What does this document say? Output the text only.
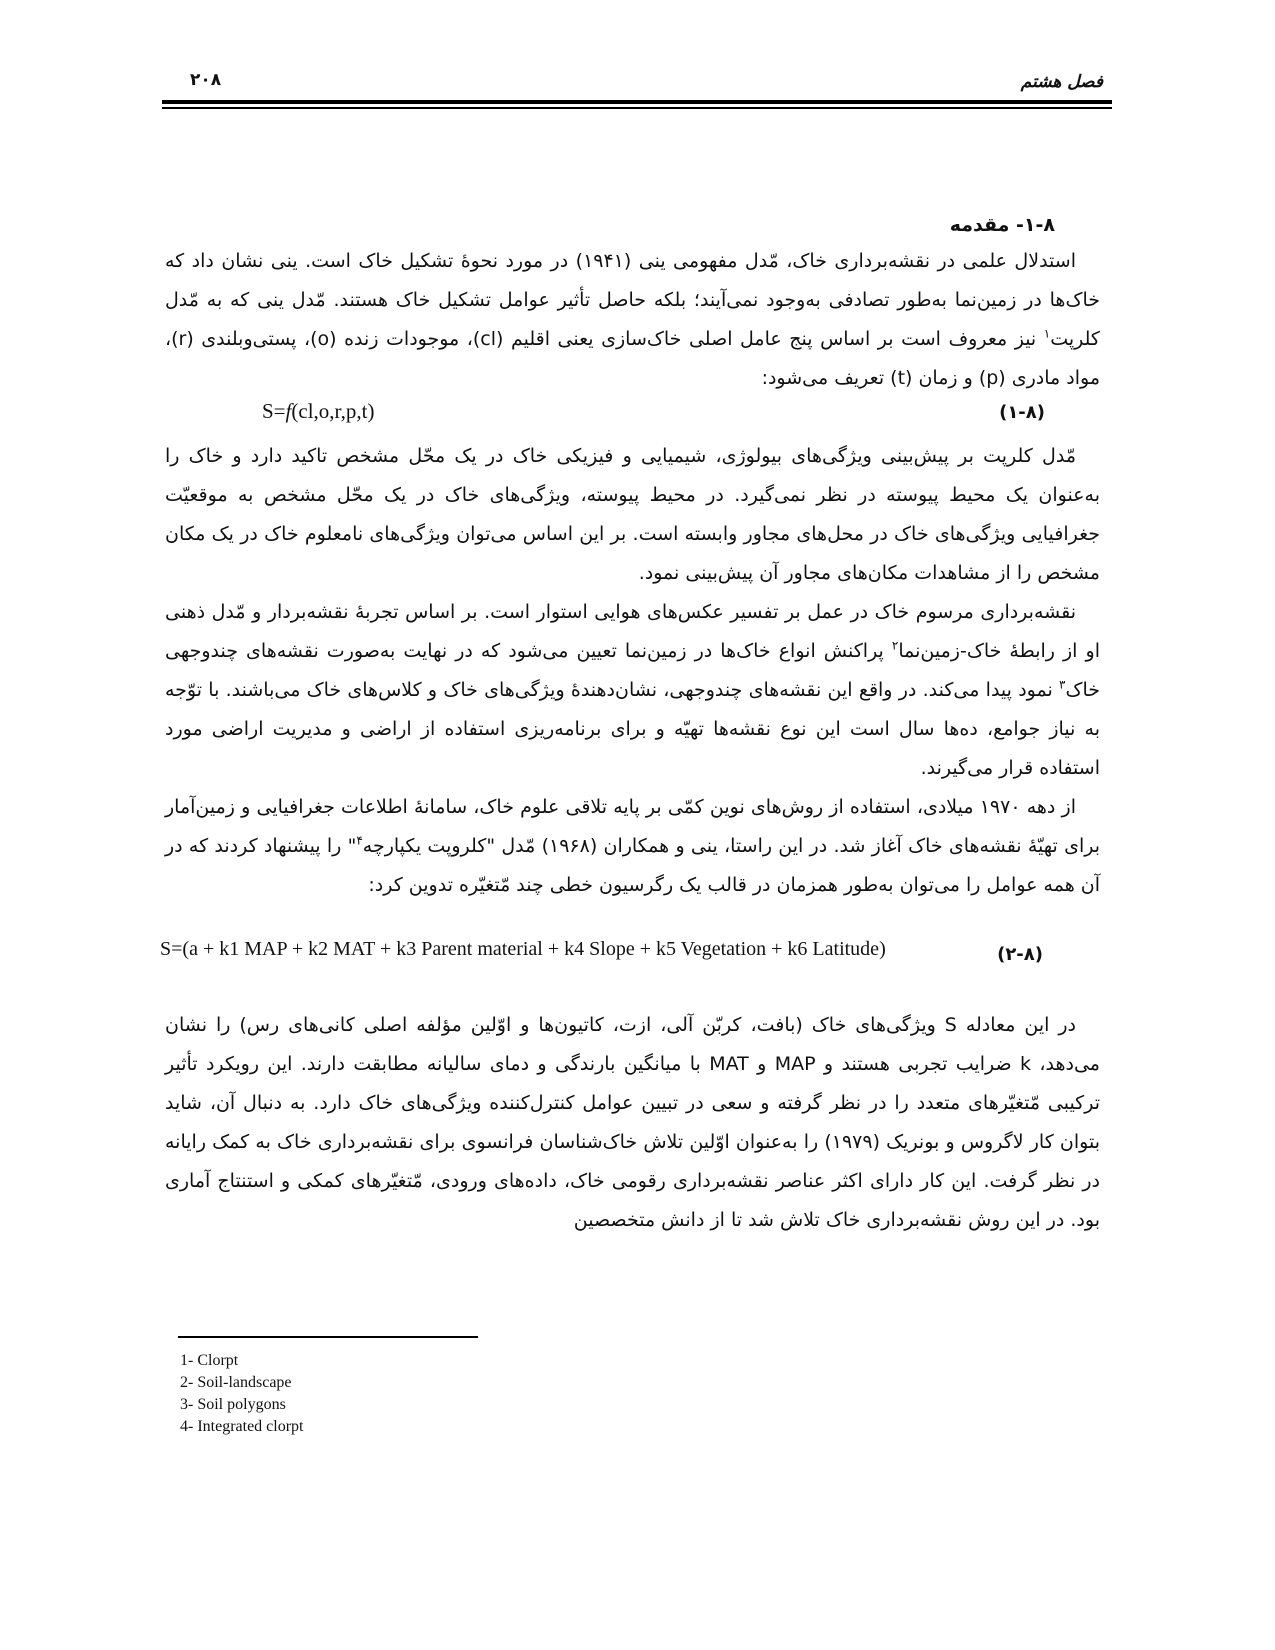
فصل هشتم
۲۰۸
۱-۸- مقدمه

استدلال علمی در نقشه‌برداری خاک، مّدل مفهومی ینی (۱۹۴۱) در مورد نحوۀ تشکیل خاک است. ینی نشان داد که خاک‌ها در زمین‌نما به‌طور تصادفی به‌وجود نمی‌آیند؛ بلکه حاصل تأثیر عوامل تشکیل خاک هستند. مّدل ینی که به مّدل کلرپت$^۱$ نیز معروف است بر اساس پنج عامل اصلی خاک‌سازی یعنی اقلیم (cl)، موجودات زنده (o)، پستی‌وبلندی (r)، مواد مادری (p) و زمان (t) تعریف می‌شود:

S=f(cl,o,r,p,t)	(۱-۸)

مّدل کلرپت بر پیش‌بینی ویژگی‌های بیولوژی، شیمیایی و فیزیکی خاک در یک محّل مشخص تاکید دارد و خاک را به‌عنوان یک محیط پیوسته در نظر نمی‌گیرد. در محیط پیوسته، ویژگی‌های خاک در یک محّل مشخص به موقعیّت جغرافیایی ویژگی‌های خاک در محل‌های مجاور وابسته است. بر این اساس می‌توان ویژگی‌های نامعلوم خاک در یک مکان مشخص را از مشاهدات مکان‌های مجاور آن پیش‌بینی نمود.

نقشه‌برداری مرسوم خاک در عمل بر تفسیر عکس‌های هوایی استوار است. بر اساس تجربۀ نقشه‌بردار و مّدل ذهنی او از رابطۀ خاک-زمین‌نما$^۲$ پراکنش انواع خاک‌ها در زمین‌نما تعیین می‌شود که در نهایت به‌صورت نقشه‌های چندوجهی خاک$^۳$ نمود پیدا می‌کند. در واقع این نقشه‌های چندوجهی، نشان‌دهندۀ ویژگی‌های خاک و کلاس‌های خاک می‌باشند. با توّجه به نیاز جوامع، ده‌ها سال است این نوع نقشه‌ها تهیّه و برای برنامه‌ریزی استفاده از اراضی و مدیریت اراضی مورد استفاده قرار می‌گیرند.

از دهه ۱۹۷۰ میلادی، استفاده از روش‌های نوین کمّی بر پایه تلاقی علوم خاک، سامانۀ اطلاعات جغرافیایی و زمین‌آمار برای تهیّۀ نقشه‌های خاک آغاز شد. در این راستا، ینی و همکاران (۱۹۶۸) مّدل "کلروپت یکپارچه$^۴$" را پیشنهاد کردند که در آن همه عوامل را می‌توان به‌طور همزمان در قالب یک رگرسیون خطی چند مّتغیّره تدوین کرد:

S=(a + k1 MAP + k2 MAT + k3 Parent material + k4 Slope + k5 Vegetation + k6 Latitude)	(۲-۸)

در این معادله S ویژگی‌های خاک (بافت، کربّن آلی، ازت، کاتیون‌ها و اوّلین مؤلفه اصلی کانی‌های رس) را نشان می‌دهد، k ضرایب تجربی هستند و MAP و MAT با میانگین بارندگی و دمای سالیانه مطابقت دارند. این رویکرد تأثیر ترکیبی مّتغیّرهای متعدد را در نظر گرفته و سعی در تبیین عوامل کنترل‌کننده ویژگی‌های خاک دارد. به دنبال آن، شاید بتوان کار لاگروس و بونریک (۱۹۷۹) را به‌عنوان اوّلین تلاش خاک‌شناسان فرانسوی برای نقشه‌برداری خاک به کمک رایانه در نظر گرفت. این کار دارای اکثر عناصر نقشه‌برداری رقومی خاک، داده‌های ورودی، مّتغیّرهای کمکی و استنتاج آماری بود. در این روش نقشه‌برداری خاک تلاش شد تا از دانش متخصصین

1- Clorpt
2- Soil-landscape
3- Soil polygons
4- Integrated clorpt
